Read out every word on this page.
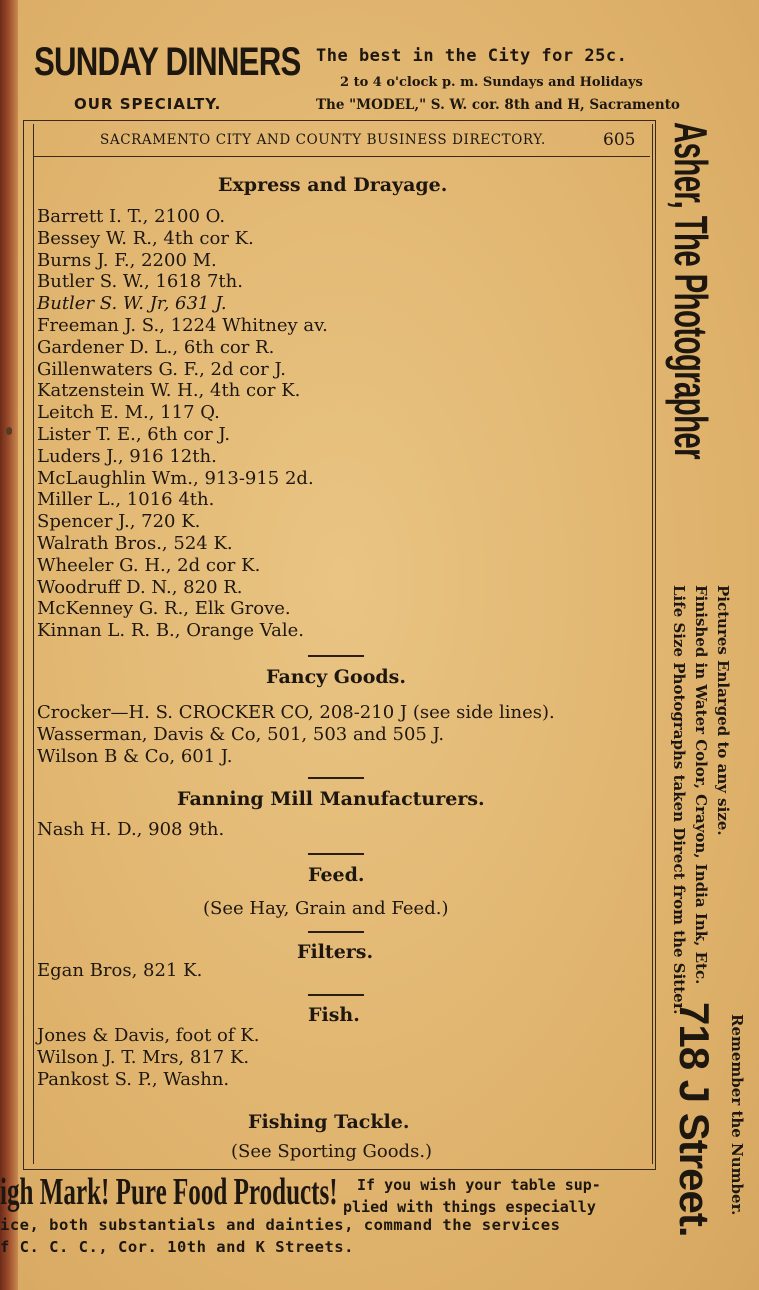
SUNDAY DINNERS
OUR SPECIALTY.
The best in the City for 25c.
2 to 4 o'clock p. m. Sundays and Holidays
The "MODEL," S. W. cor. 8th and H, Sacramento
SACRAMENTO CITY AND COUNTY BUSINESS DIRECTORY.	605
Express and Drayage.
Barrett I. T., 2100 O.
Bessey W. R., 4th cor K.
Burns J. F., 2200 M.
Butler S. W., 1618 7th.
Butler S. W. Jr, 631 J.
Freeman J. S., 1224 Whitney av.
Gardener D. L., 6th cor R.
Gillenwaters G. F., 2d cor J.
Katzenstein W. H., 4th cor K.
Leitch E. M., 117 Q.
Lister T. E., 6th cor J.
Luders J., 916 12th.
McLaughlin Wm., 913-915 2d.
Miller L., 1016 4th.
Spencer J., 720 K.
Walrath Bros., 524 K.
Wheeler G. H., 2d cor K.
Woodruff D. N., 820 R.
McKenney G. R., Elk Grove.
Kinnan L. R. B., Orange Vale.
Fancy Goods.
Crocker—H. S. CROCKER CO, 208-210 J (see side lines).
Wasserman, Davis & Co, 501, 503 and 505 J.
Wilson B & Co, 601 J.
Fanning Mill Manufacturers.
Nash H. D., 908 9th.
Feed.
(See Hay, Grain and Feed.)
Filters.
Egan Bros, 821 K.
Fish.
Jones & Davis, foot of K.
Wilson J. T. Mrs, 817 K.
Pankost S. P., Washn.
Fishing Tackle.
(See Sporting Goods.)
Asher, The Photographer
718 J Street.
Pictures Enlarged to any size.
Finished in Water Color, Crayon, India Ink, Etc.
Life Size Photographs taken Direct from the Sitter.
Remember the Number.
igh Mark! Pure Food Products! If you wish your table sup-
plied with things especially
ice, both substantials and dainties, command the services
f C. C. C., Cor. 10th and K Streets.
